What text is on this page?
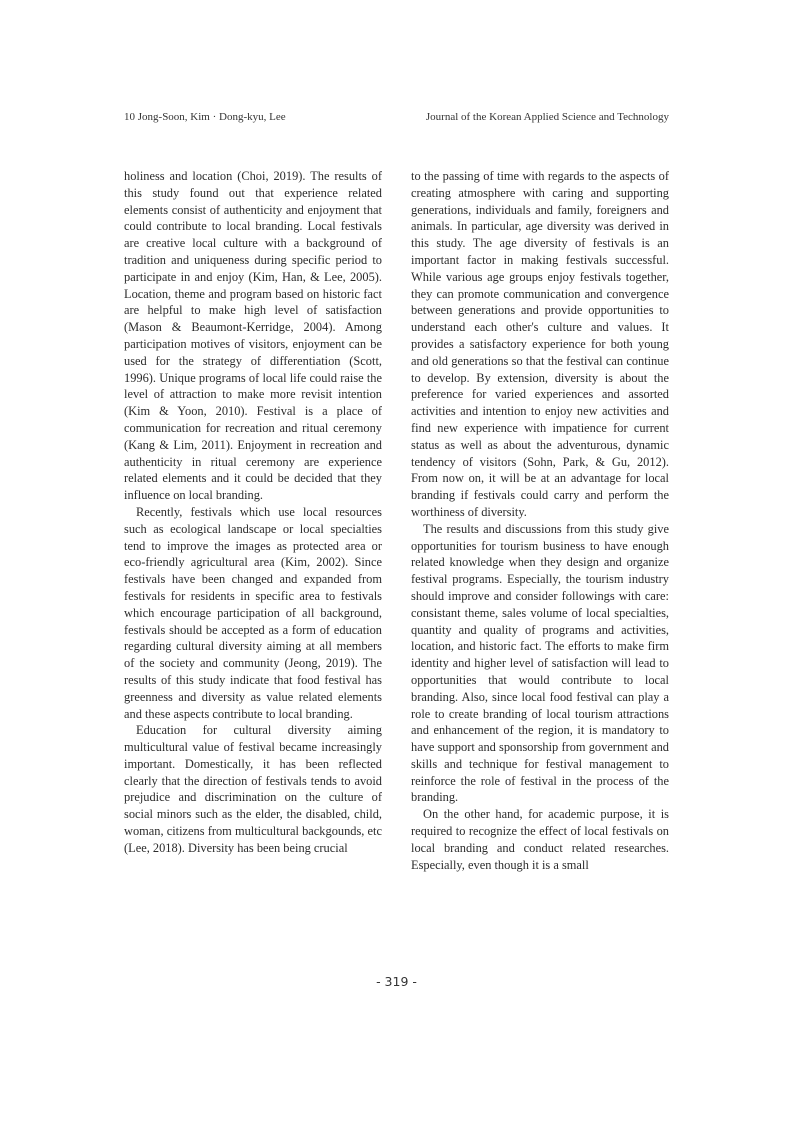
10 Jong-Soon, Kim · Dong-kyu, Lee	Journal of the Korean Applied Science and Technology

holiness and location (Choi, 2019). The results of this study found out that experience related elements consist of authenticity and enjoyment that could contribute to local branding. Local festivals are creative local culture with a background of tradition and uniqueness during specific period to participate in and enjoy (Kim, Han, & Lee, 2005). Location, theme and program based on historic fact are helpful to make high level of satisfaction (Mason & Beaumont-Kerridge, 2004). Among participation motives of visitors, enjoyment can be used for the strategy of differentiation (Scott, 1996). Unique programs of local life could raise the level of attraction to make more revisit intention (Kim & Yoon, 2010). Festival is a place of communication for recreation and ritual ceremony (Kang & Lim, 2011). Enjoyment in recreation and authenticity in ritual ceremony are experience related elements and it could be decided that they influence on local branding.

Recently, festivals which use local resources such as ecological landscape or local specialties tend to improve the images as protected area or eco-friendly agricultural area (Kim, 2002). Since festivals have been changed and expanded from festivals for residents in specific area to festivals which encourage participation of all background, festivals should be accepted as a form of education regarding cultural diversity aiming at all members of the society and community (Jeong, 2019). The results of this study indicate that food festival has greenness and diversity as value related elements and these aspects contribute to local branding.

Education for cultural diversity aiming multicultural value of festival became increasingly important. Domestically, it has been reflected clearly that the direction of festivals tends to avoid prejudice and discrimination on the culture of social minors such as the elder, the disabled, child, woman, citizens from multicultural backgounds, etc (Lee, 2018). Diversity has been being crucial

to the passing of time with regards to the aspects of creating atmosphere with caring and supporting generations, individuals and family, foreigners and animals. In particular, age diversity was derived in this study. The age diversity of festivals is an important factor in making festivals successful. While various age groups enjoy festivals together, they can promote communication and convergence between generations and provide opportunities to understand each other's culture and values. It provides a satisfactory experience for both young and old generations so that the festival can continue to develop. By extension, diversity is about the preference for varied experiences and assorted activities and intention to enjoy new activities and find new experience with impatience for current status as well as about the adventurous, dynamic tendency of visitors (Sohn, Park, & Gu, 2012). From now on, it will be at an advantage for local branding if festivals could carry and perform the worthiness of diversity.

The results and discussions from this study give opportunities for tourism business to have enough related knowledge when they design and organize festival programs. Especially, the tourism industry should improve and consider followings with care: consistant theme, sales volume of local specialties, quantity and quality of programs and activities, location, and historic fact. The efforts to make firm identity and higher level of satisfaction will lead to opportunities that would contribute to local branding. Also, since local food festival can play a role to create branding of local tourism attractions and enhancement of the region, it is mandatory to have support and sponsorship from government and skills and technique for festival management to reinforce the role of festival in the process of the branding.

On the other hand, for academic purpose, it is required to recognize the effect of local festivals on local branding and conduct related researches. Especially, even though it is a small

- 319 -
